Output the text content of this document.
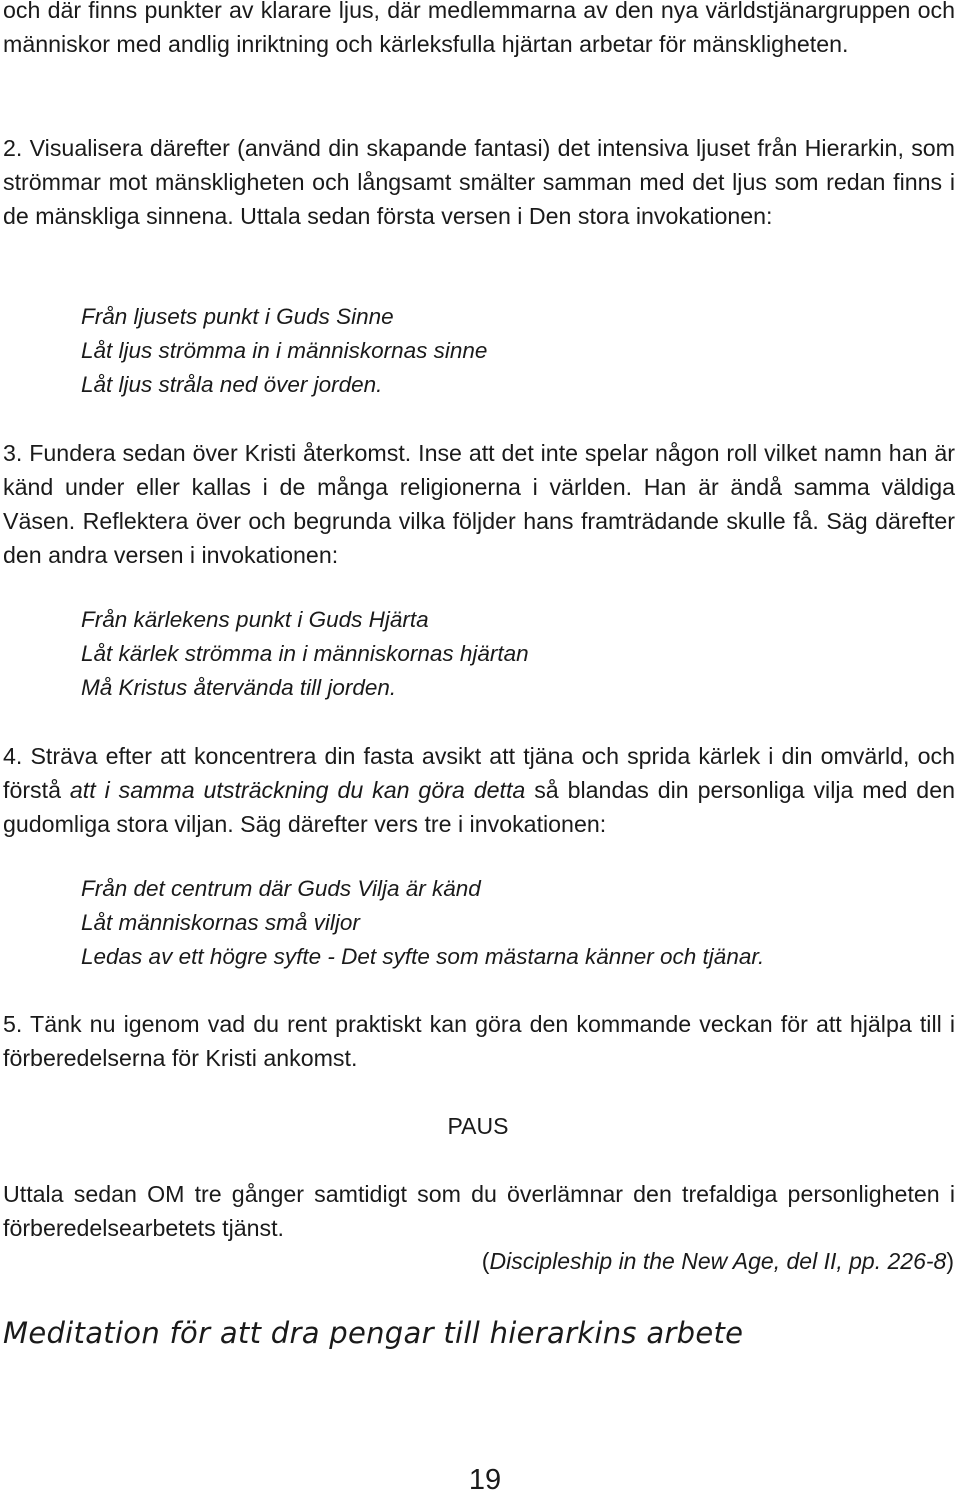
och där finns punkter av klarare ljus, där medlemmarna av den nya världstjänargruppen och människor med andlig inriktning och kärleksfulla hjärtan arbetar för mänskligheten.

2. Visualisera därefter (använd din skapande fantasi) det intensiva ljuset från Hierarkin, som strömmar mot mänskligheten och långsamt smälter samman med det ljus som redan finns i de mänskliga sinnena. Uttala sedan första versen i Den stora invokationen:

Från ljusets punkt i Guds Sinne
Låt ljus strömma in i människornas sinne
Låt ljus stråla ned över jorden.

3. Fundera sedan över Kristi återkomst. Inse att det inte spelar någon roll vilket namn han är känd under eller kallas i de många religionerna i världen. Han är ändå samma väldiga Väsen. Reflektera över och begrunda vilka följder hans framträdande skulle få. Säg därefter den andra versen i invokationen:

Från kärlekens punkt i Guds Hjärta
Låt kärlek strömma in i människornas hjärtan
Må Kristus återvända till jorden.

4. Sträva efter att koncentrera din fasta avsikt att tjäna och sprida kärlek i din omvärld, och förstå att i samma utsträckning du kan göra detta så blandas din personliga vilja med den gudomliga stora viljan. Säg därefter vers tre i invokationen:

Från det centrum där Guds Vilja är känd
Låt människornas små viljor
Ledas av ett högre syfte - Det syfte som mästarna känner och tjänar.

5. Tänk nu igenom vad du rent praktiskt kan göra den kommande veckan för att hjälpa till i förberedelserna för Kristi ankomst.

PAUS

Uttala sedan OM tre gånger samtidigt som du överlämnar den trefaldiga personligheten i förberedelsearbetets tjänst.

(Discipleship in the New Age, del II, pp. 226-8)
Meditation för att dra pengar till hierarkins arbete
19
